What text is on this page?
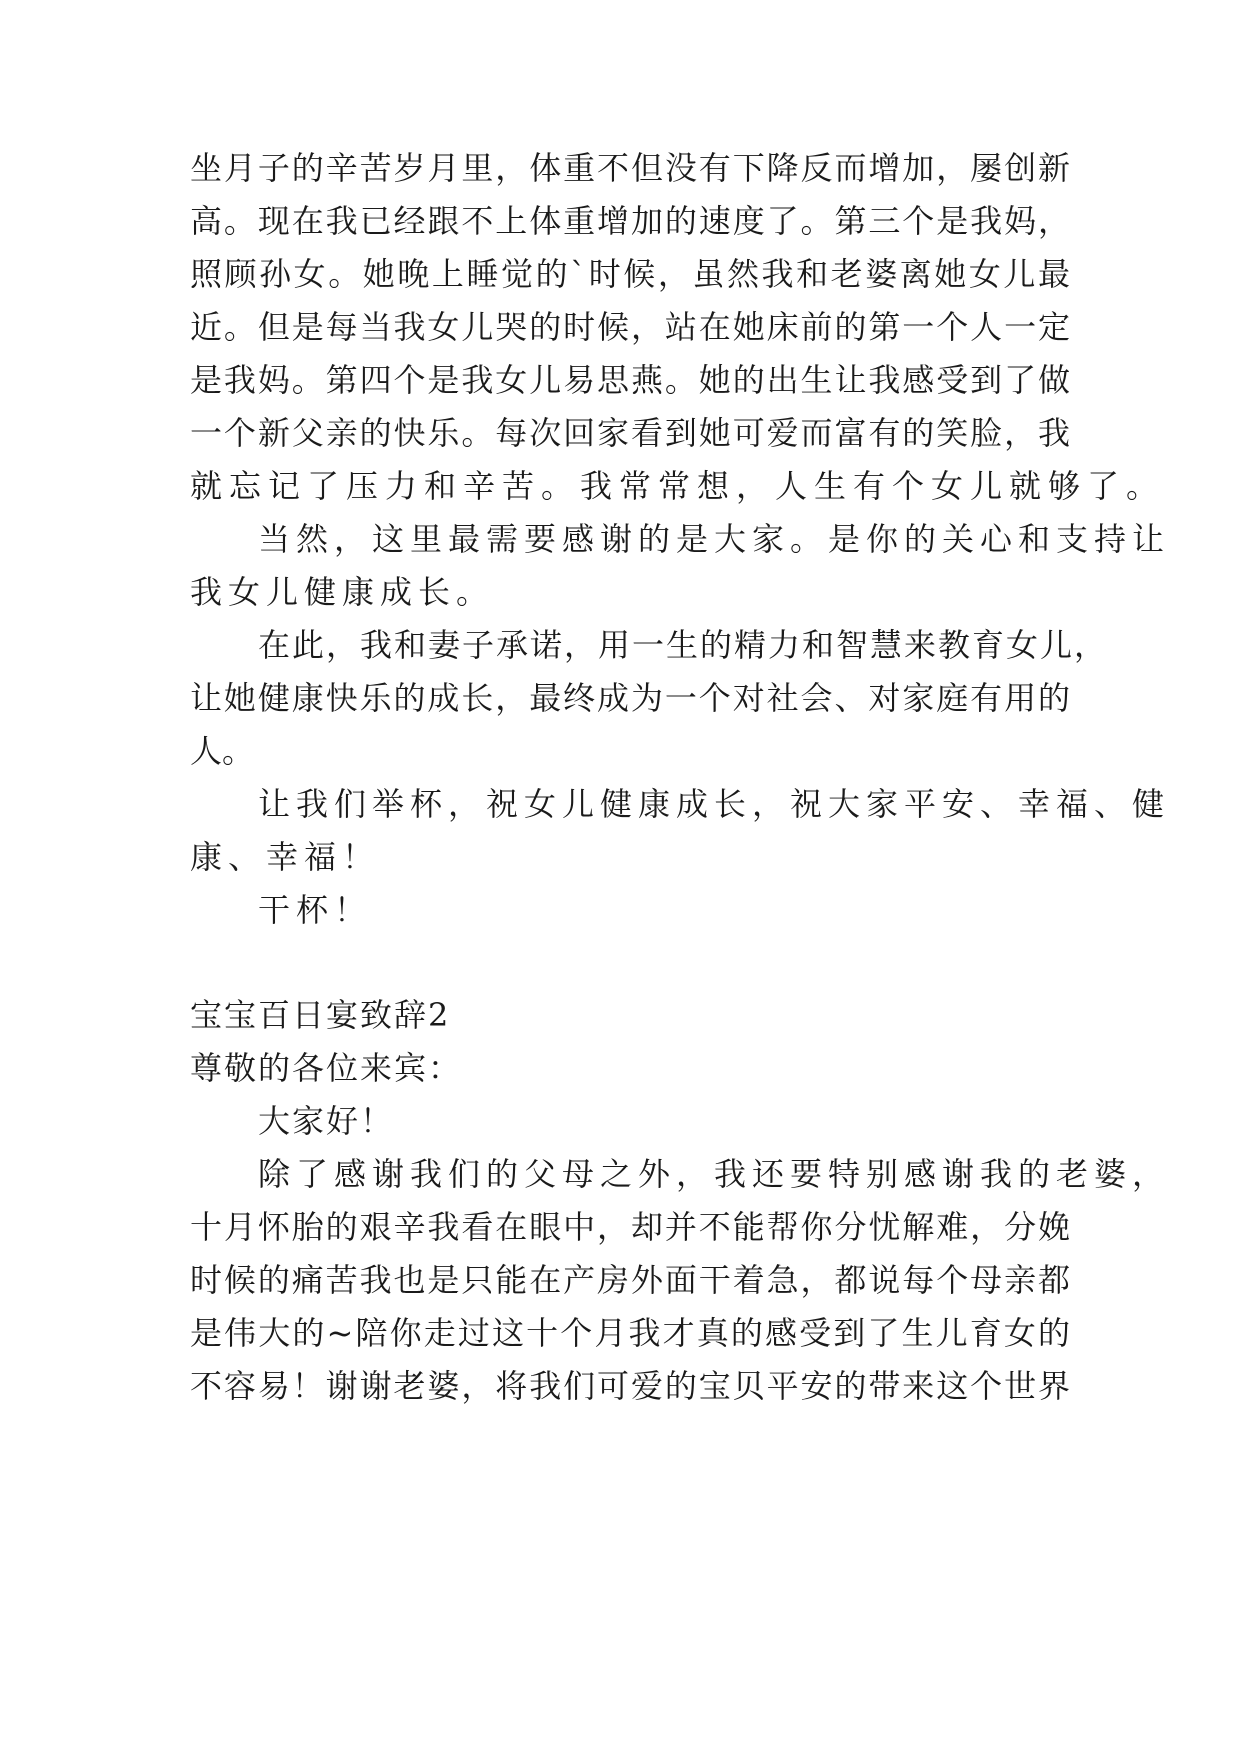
坐月子的辛苦岁月里，体重不但没有下降反而增加，屡创新

高。现在我已经跟不上体重增加的速度了。第三个是我妈，

照顾孙女。她晚上睡觉的`时候，虽然我和老婆离她女儿最

近。但是每当我女儿哭的时候，站在她床前的第一个人一定

是我妈。第四个是我女儿易思燕。她的出生让我感受到了做

一个新父亲的快乐。每次回家看到她可爱而富有的笑脸，我

就忘记了压力和辛苦。我常常想，人生有个女儿就够了。

当然，这里最需要感谢的是大家。是你的关心和支持让

我女儿健康成长。

在此，我和妻子承诺，用一生的精力和智慧来教育女儿，

让她健康快乐的成长，最终成为一个对社会、对家庭有用的

人。

让我们举杯，祝女儿健康成长，祝大家平安、幸福、健

康、幸福！

干杯！

宝宝百日宴致辞2

尊敬的各位来宾：

大家好！

除了感谢我们的父母之外，我还要特别感谢我的老婆，

十月怀胎的艰辛我看在眼中，却并不能帮你分忧解难，分娩

时候的痛苦我也是只能在产房外面干着急，都说每个母亲都

是伟大的~陪你走过这十个月我才真的感受到了生儿育女的

不容易！谢谢老婆，将我们可爱的宝贝平安的带来这个世界
